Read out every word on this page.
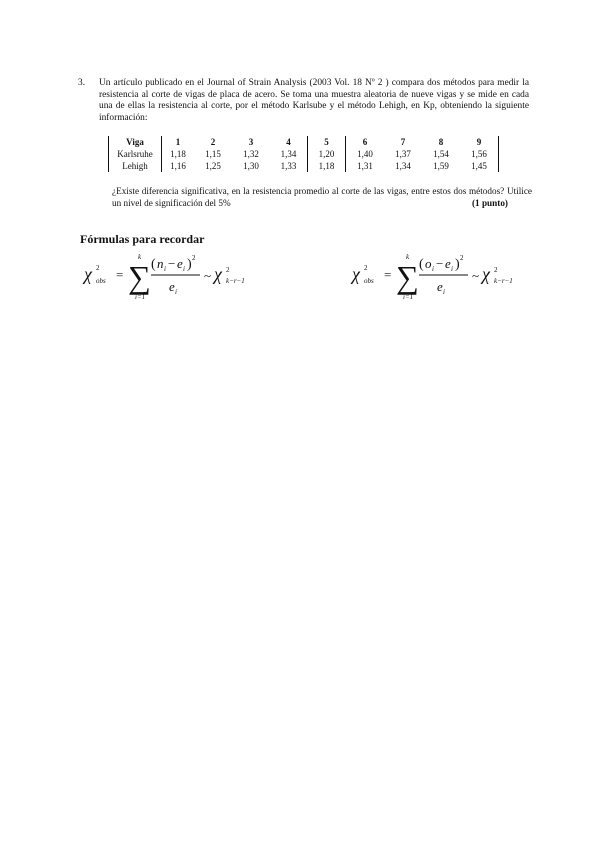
3. Un artículo publicado en el Journal of Strain Analysis (2003 Vol. 18 Nº 2 ) compara dos métodos para medir la resistencia al corte de vigas de placa de acero. Se toma una muestra aleatoria de nueve vigas y se mide en cada una de ellas la resistencia al corte, por el método Karlsube y el método Lehigh, en Kp, obteniendo la siguiente información:
Viga	1	2	3	4	5	6	7	8	9
Karlsruhe	1,18	1,15	1,32	1,34	1,20	1,40	1,37	1,54	1,56
Lehigh	1,16	1,25	1,30	1,33	1,18	1,31	1,34	1,59	1,45
¿Existe diferencia significativa, en la resistencia promedio al corte de las vigas, entre estos dos métodos? Utilice un nivel de significación del 5%	(1 punto)
Fórmulas para recordar
χ 2
obs = ∑
k
i=1
( n i − e i ) 2
e i
~ χ 2
k−r−1	χ 2
obs = ∑
k
i=1
( o i − e i ) 2
e i
~ χ 2
k−r−1
